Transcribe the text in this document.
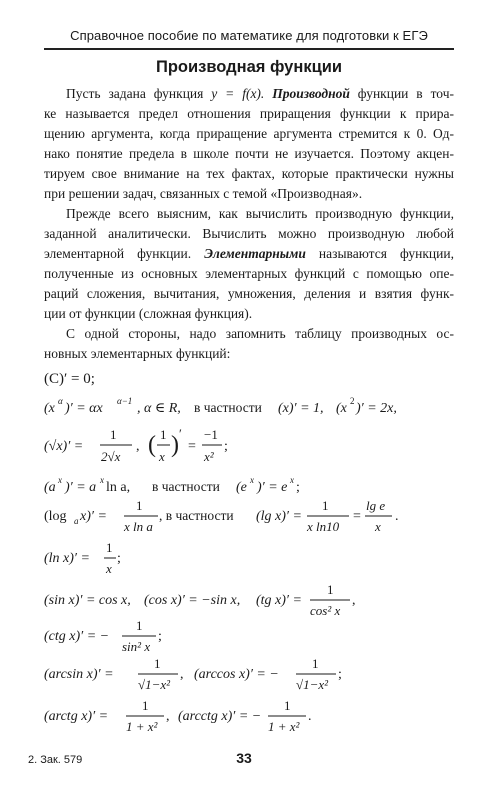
Справочное пособие по математике для подготовки к ЕГЭ
Производная функции
Пусть задана функция y = f(x). Производной функции в точ-
ке называется предел отношения приращения функции к прира-
щению аргумента, когда приращение аргумента стремится к 0. Од-
нако понятие предела в школе почти не изучается. Поэтому акцен-
тируем свое внимание на тех фактах, которые практически нужны
при решении задач, связанных с темой «Производная».
Прежде всего выясним, как вычислить производную функции,
заданной аналитически. Вычислить можно производную любой
элементарной функции. Элементарными называются функции,
полученные из основных элементарных функций с помощью опе-
раций сложения, вычитания, умножения, деления и взятия функ-
ции от функции (сложная функция).
С одной стороны, надо запомнить таблицу производных ос-
новных элементарных функций:
(C)′ = 0;
(x α )′ = αx α−1 , α ∈ R, в частности (x)′ = 1, (x 2 )′ = 2x,
(√x)′ =
1
2√x
, ( 1
x ) ′
=
−1
x²
;
(a x )′ = a x ln a, в частности (e x )′ = e x ;
(log a x)′ =
1
x ln a
, в частности (lg x)′ =
1
x ln10
=
lg e
x
.
(ln x)′ =
1
x
;
(sin x)′ = cos x, (cos x)′ = −sin x, (tg x)′ =
1
cos² x
,
(ctg x)′ = −
1
sin² x
;
(arcsin x)′ =
1
√1−x²
, (arccos x)′ = −
1
√1−x²
;
(arctg x)′ =
1
1 + x²
, (arcctg x)′ = −
1
1 + x²
.
2. Зак. 579	33
